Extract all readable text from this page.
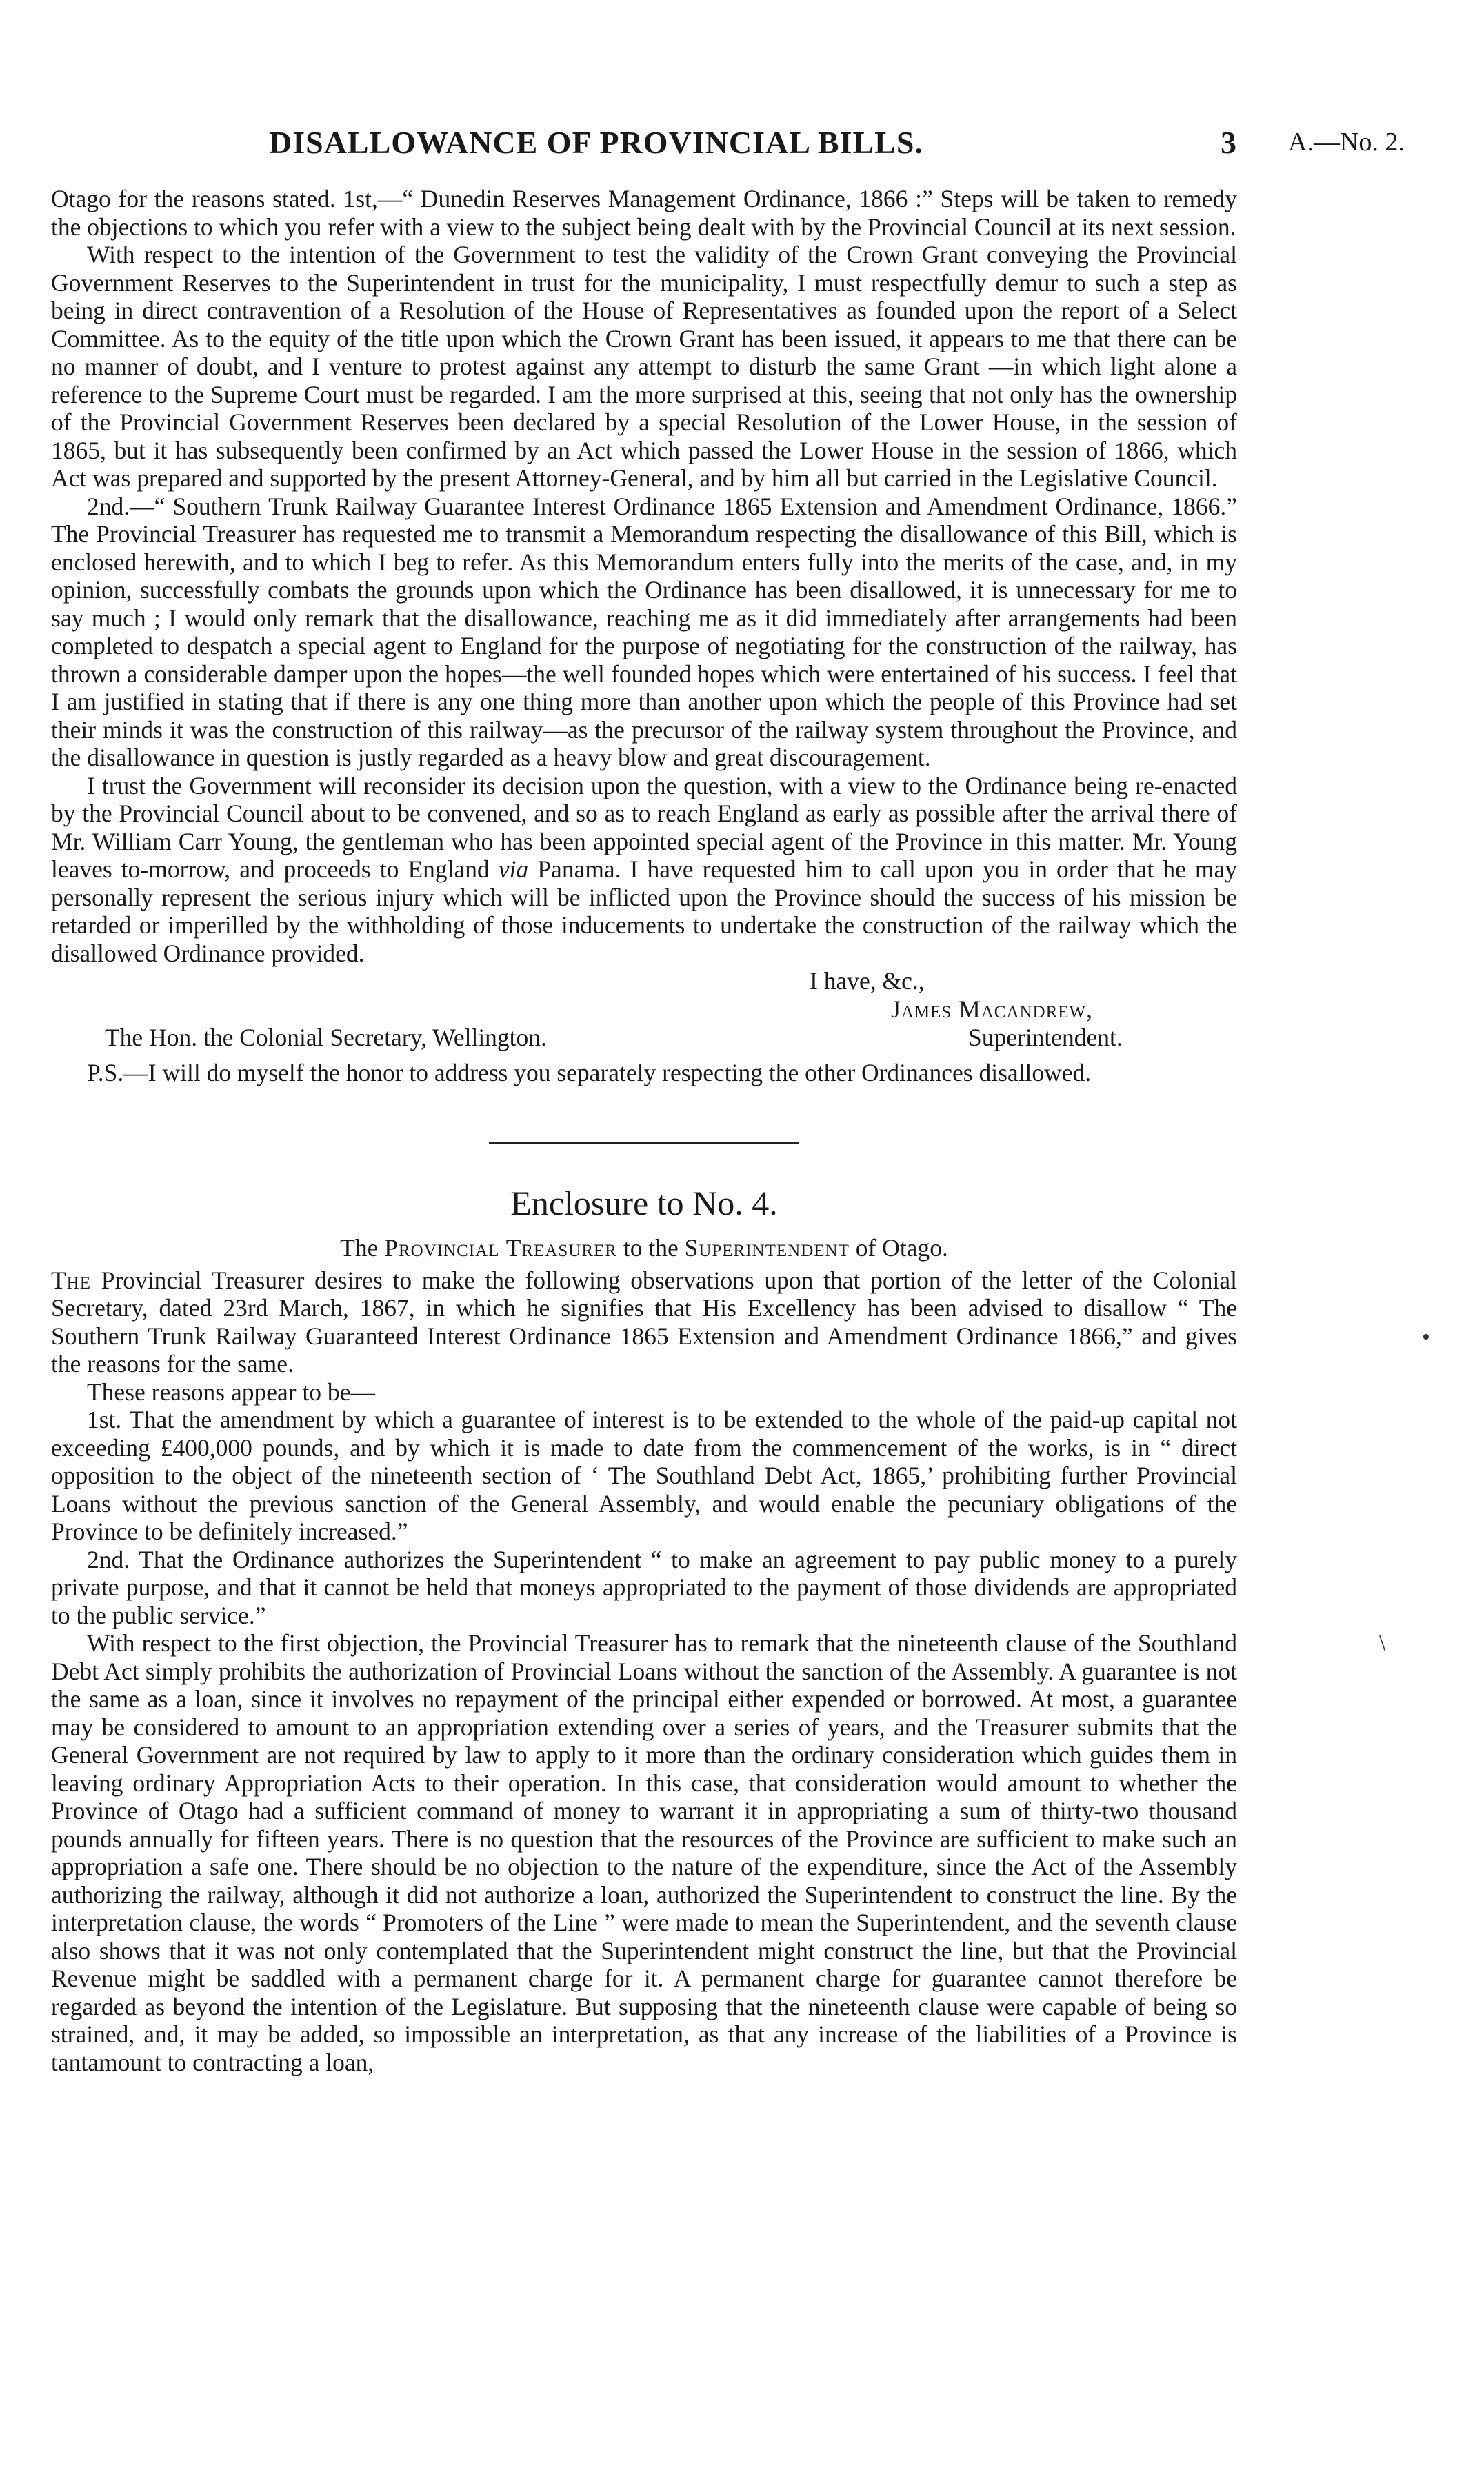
DISALLOWANCE OF PROVINCIAL BILLS.	3 A.—No. 2.

Otago for the reasons stated. 1st,—“ Dunedin Reserves Management Ordinance, 1866 :” Steps will be taken to remedy the objections to which you refer with a view to the subject being dealt with by the Provincial Council at its next session.

With respect to the intention of the Government to test the validity of the Crown Grant conveying the Provincial Government Reserves to the Superintendent in trust for the municipality, I must respectfully demur to such a step as being in direct contravention of a Resolution of the House of Representatives as founded upon the report of a Select Committee. As to the equity of the title upon which the Crown Grant has been issued, it appears to me that there can be no manner of doubt, and I venture to protest against any attempt to disturb the same Grant —in which light alone a reference to the Supreme Court must be regarded. I am the more surprised at this, seeing that not only has the ownership of the Provincial Government Reserves been declared by a special Resolution of the Lower House, in the session of 1865, but it has subsequently been confirmed by an Act which passed the Lower House in the session of 1866, which Act was prepared and supported by the present Attorney-General, and by him all but carried in the Legislative Council.

2nd.—“ Southern Trunk Railway Guarantee Interest Ordinance 1865 Extension and Amendment Ordinance, 1866.” The Provincial Treasurer has requested me to transmit a Memorandum respecting the disallowance of this Bill, which is enclosed herewith, and to which I beg to refer. As this Memorandum enters fully into the merits of the case, and, in my opinion, successfully combats the grounds upon which the Ordinance has been disallowed, it is unnecessary for me to say much ; I would only remark that the disallowance, reaching me as it did immediately after arrangements had been completed to despatch a special agent to England for the purpose of negotiating for the construction of the railway, has thrown a considerable damper upon the hopes—the well founded hopes which were entertained of his success. I feel that I am justified in stating that if there is any one thing more than another upon which the people of this Province had set their minds it was the construction of this railway—as the precursor of the railway system throughout the Province, and the disallowance in question is justly regarded as a heavy blow and great discouragement.

I trust the Government will reconsider its decision upon the question, with a view to the Ordinance being re-enacted by the Provincial Council about to be convened, and so as to reach England as early as possible after the arrival there of Mr. William Carr Young, the gentleman who has been appointed special agent of the Province in this matter. Mr. Young leaves to-morrow, and proceeds to England via Panama. I have requested him to call upon you in order that he may personally represent the serious injury which will be inflicted upon the Province should the success of his mission be retarded or imperilled by the withholding of those inducements to undertake the construction of the railway which the disallowed Ordinance provided.

I have, &c.,
James Macandrew,
The Hon. the Colonial Secretary, Wellington.	Superintendent.

P.S.—I will do myself the honor to address you separately respecting the other Ordinances disallowed.

Enclosure to No. 4.

The Provincial Treasurer to the Superintendent of Otago.

The Provincial Treasurer desires to make the following observations upon that portion of the letter of the Colonial Secretary, dated 23rd March, 1867, in which he signifies that His Excellency has been advised to disallow “ The Southern Trunk Railway Guaranteed Interest Ordinance 1865 Extension and Amendment Ordinance 1866,” and gives the reasons for the same.

These reasons appear to be—

1st. That the amendment by which a guarantee of interest is to be extended to the whole of the paid-up capital not exceeding £400,000 pounds, and by which it is made to date from the commencement of the works, is in “ direct opposition to the object of the nineteenth section of ‘ The Southland Debt Act, 1865,’ prohibiting further Provincial Loans without the previous sanction of the General Assembly, and would enable the pecuniary obligations of the Province to be definitely increased.”

2nd. That the Ordinance authorizes the Superintendent “ to make an agreement to pay public money to a purely private purpose, and that it cannot be held that moneys appropriated to the payment of those dividends are appropriated to the public service.”

With respect to the first objection, the Provincial Treasurer has to remark that the nineteenth clause of the Southland Debt Act simply prohibits the authorization of Provincial Loans without the sanction of the Assembly. A guarantee is not the same as a loan, since it involves no repayment of the principal either expended or borrowed. At most, a guarantee may be considered to amount to an appropriation extending over a series of years, and the Treasurer submits that the General Government are not required by law to apply to it more than the ordinary consideration which guides them in leaving ordinary Appropriation Acts to their operation. In this case, that consideration would amount to whether the Province of Otago had a sufficient command of money to warrant it in appropriating a sum of thirty-two thousand pounds annually for fifteen years. There is no question that the resources of the Province are sufficient to make such an appropriation a safe one. There should be no objection to the nature of the expenditure, since the Act of the Assembly authorizing the railway, although it did not authorize a loan, authorized the Superintendent to construct the line. By the interpretation clause, the words “ Promoters of the Line ” were made to mean the Superintendent, and the seventh clause also shows that it was not only contemplated that the Superintendent might construct the line, but that the Provincial Revenue might be saddled with a permanent charge for it. A permanent charge for guarantee cannot therefore be regarded as beyond the intention of the Legislature. But supposing that the nineteenth clause were capable of being so strained, and, it may be added, so impossible an interpretation, as that any increase of the liabilities of a Province is tantamount to contracting a loan,

•
\
